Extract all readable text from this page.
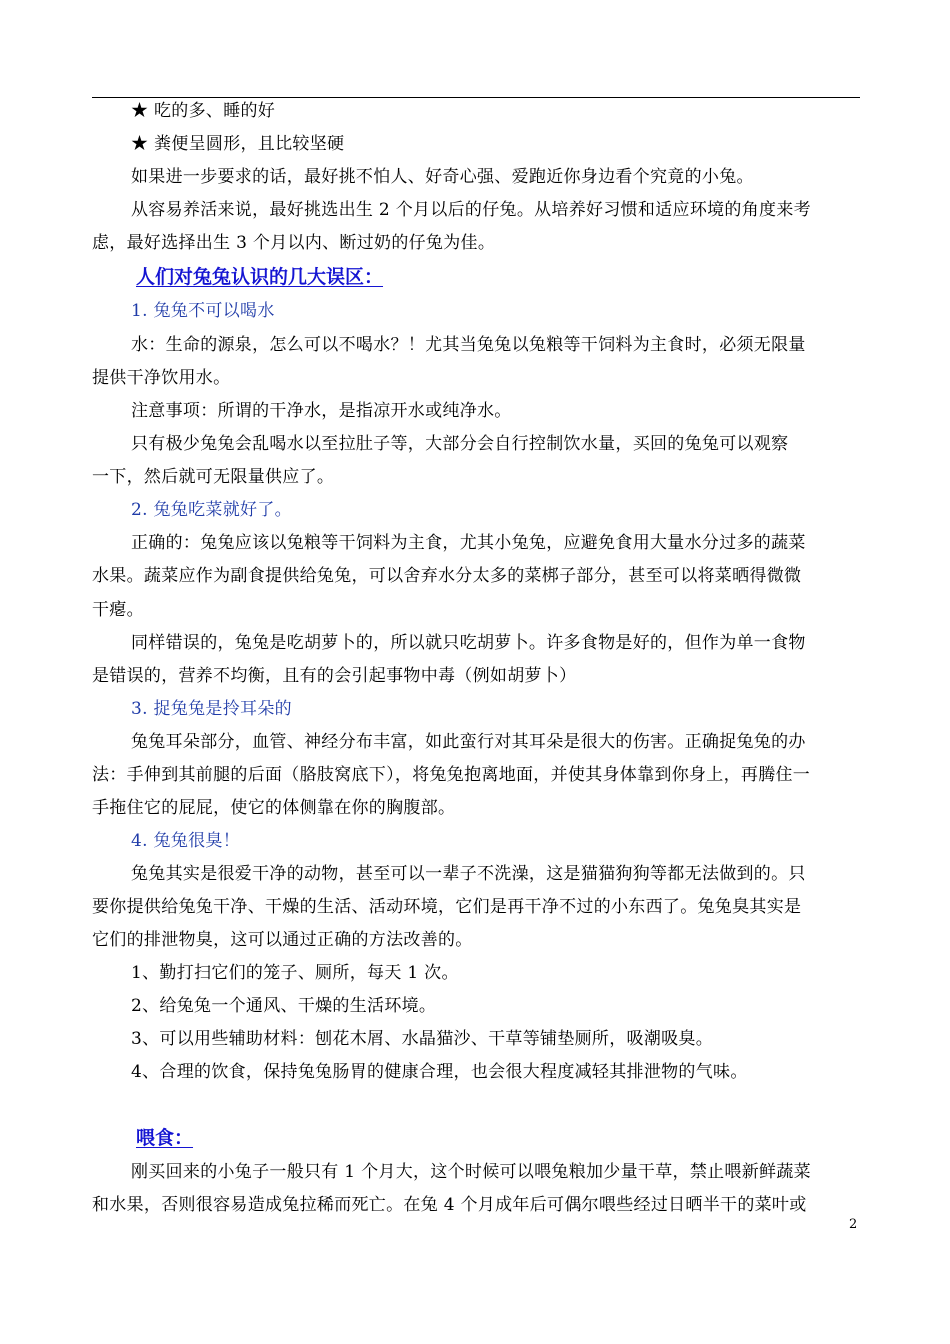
★ 吃的多、睡的好
★ 粪便呈圆形，且比较坚硬
如果进一步要求的话，最好挑不怕人、好奇心强、爱跑近你身边看个究竟的小兔。
从容易养活来说，最好挑选出生 2 个月以后的仔兔。从培养好习惯和适应环境的角度来考
虑，最好选择出生 3 个月以内、断过奶的仔兔为佳。
人们对兔兔认识的几大误区：
1. 兔兔不可以喝水
水：生命的源泉，怎么可以不喝水？！尤其当兔兔以兔粮等干饲料为主食时，必须无限量
提供干净饮用水。
注意事项：所谓的干净水，是指凉开水或纯净水。
只有极少兔兔会乱喝水以至拉肚子等，大部分会自行控制饮水量，买回的兔兔可以观察
一下，然后就可无限量供应了。
2. 兔兔吃菜就好了。
正确的：兔兔应该以兔粮等干饲料为主食，尤其小兔兔，应避免食用大量水分过多的蔬菜
水果。蔬菜应作为副食提供给兔兔，可以舍弃水分太多的菜梆子部分，甚至可以将菜晒得微微
干瘪。
同样错误的，兔兔是吃胡萝卜的，所以就只吃胡萝卜。许多食物是好的，但作为单一食物
是错误的，营养不均衡，且有的会引起事物中毒（例如胡萝卜）
3. 捉兔兔是拎耳朵的
兔兔耳朵部分，血管、神经分布丰富，如此蛮行对其耳朵是很大的伤害。正确捉兔兔的办
法：手伸到其前腿的后面（胳肢窝底下），将兔兔抱离地面，并使其身体靠到你身上，再腾住一
手拖住它的屁屁，使它的体侧靠在你的胸腹部。
4. 兔兔很臭！
兔兔其实是很爱干净的动物，甚至可以一辈子不洗澡，这是猫猫狗狗等都无法做到的。只
要你提供给兔兔干净、干燥的生活、活动环境，它们是再干净不过的小东西了。兔兔臭其实是
它们的排泄物臭，这可以通过正确的方法改善的。
1、勤打扫它们的笼子、厕所，每天 1 次。
2、给兔兔一个通风、干燥的生活环境。
3、可以用些辅助材料：刨花木屑、水晶猫沙、干草等铺垫厕所，吸潮吸臭。
4、合理的饮食，保持兔兔肠胃的健康合理，也会很大程度减轻其排泄物的气味。
喂食：
刚买回来的小兔子一般只有 1 个月大，这个时候可以喂兔粮加少量干草，禁止喂新鲜蔬菜
和水果，否则很容易造成兔拉稀而死亡。在兔 4 个月成年后可偶尔喂些经过日晒半干的菜叶或
2
